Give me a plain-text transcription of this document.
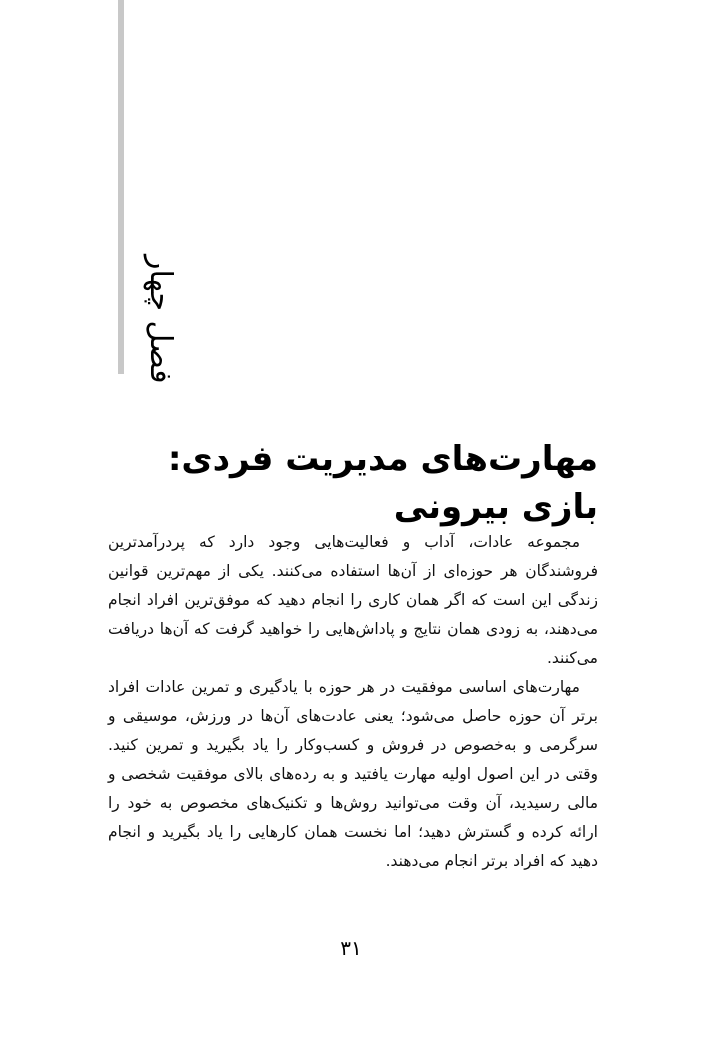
فصل چهار
مهارت‌های مدیریت فردی:
بازی بیرونی

مجموعه عادات، آداب و فعالیت‌هایی وجود دارد که پردرآمدترین فروشندگان هر حوزه‌ای از آن‌ها استفاده می‌کنند. یکی از مهم‌ترین قوانین زندگی این است که اگر همان کاری را انجام دهید که موفق‌ترین افراد انجام می‌دهند، به زودی همان نتایج و پاداش‌هایی را خواهید گرفت که آن‌ها دریافت می‌کنند.

مهارت‌های اساسی موفقیت در هر حوزه با یادگیری و تمرین عادات افراد برتر آن حوزه حاصل می‌شود؛ یعنی عادت‌های آن‌ها در ورزش، موسیقی و سرگرمی و به‌خصوص در فروش و کسب‌وکار را یاد بگیرید و تمرین کنید. وقتی در این اصول اولیه مهارت یافتید و به رده‌های بالای موفقیت شخصی و مالی رسیدید، آن وقت می‌توانید روش‌ها و تکنیک‌های مخصوص به خود را ارائه کرده و گسترش دهید؛ اما نخست همان کارهایی را یاد بگیرید و انجام دهید که افراد برتر انجام می‌دهند.

۳۱
